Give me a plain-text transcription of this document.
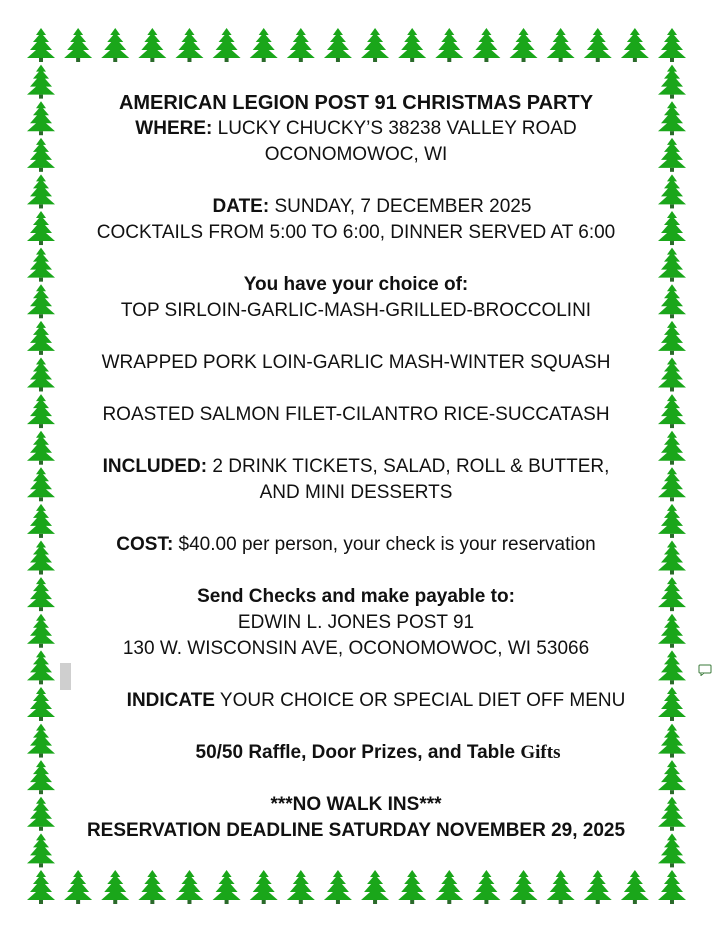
AMERICAN LEGION POST 91 CHRISTMAS PARTY
WHERE: LUCKY CHUCKY’S 38238 VALLEY ROAD
OCONOMOWOC, WI
DATE: SUNDAY, 7 DECEMBER 2025
COCKTAILS FROM 5:00 TO 6:00, DINNER SERVED AT 6:00
You have your choice of:
TOP SIRLOIN-GARLIC-MASH-GRILLED-BROCCOLINI
WRAPPED PORK LOIN-GARLIC MASH-WINTER SQUASH
ROASTED SALMON FILET-CILANTRO RICE-SUCCATASH
INCLUDED: 2 DRINK TICKETS, SALAD, ROLL & BUTTER,
AND MINI DESSERTS
COST: $40.00 per person, your check is your reservation
Send Checks and make payable to:
EDWIN L. JONES POST 91
130 W. WISCONSIN AVE, OCONOMOWOC, WI 53066
INDICATE YOUR CHOICE OR SPECIAL DIET OFF MENU
50/50 Raffle, Door Prizes, and Table Gifts
***NO WALK INS***
RESERVATION DEADLINE SATURDAY NOVEMBER 29, 2025
